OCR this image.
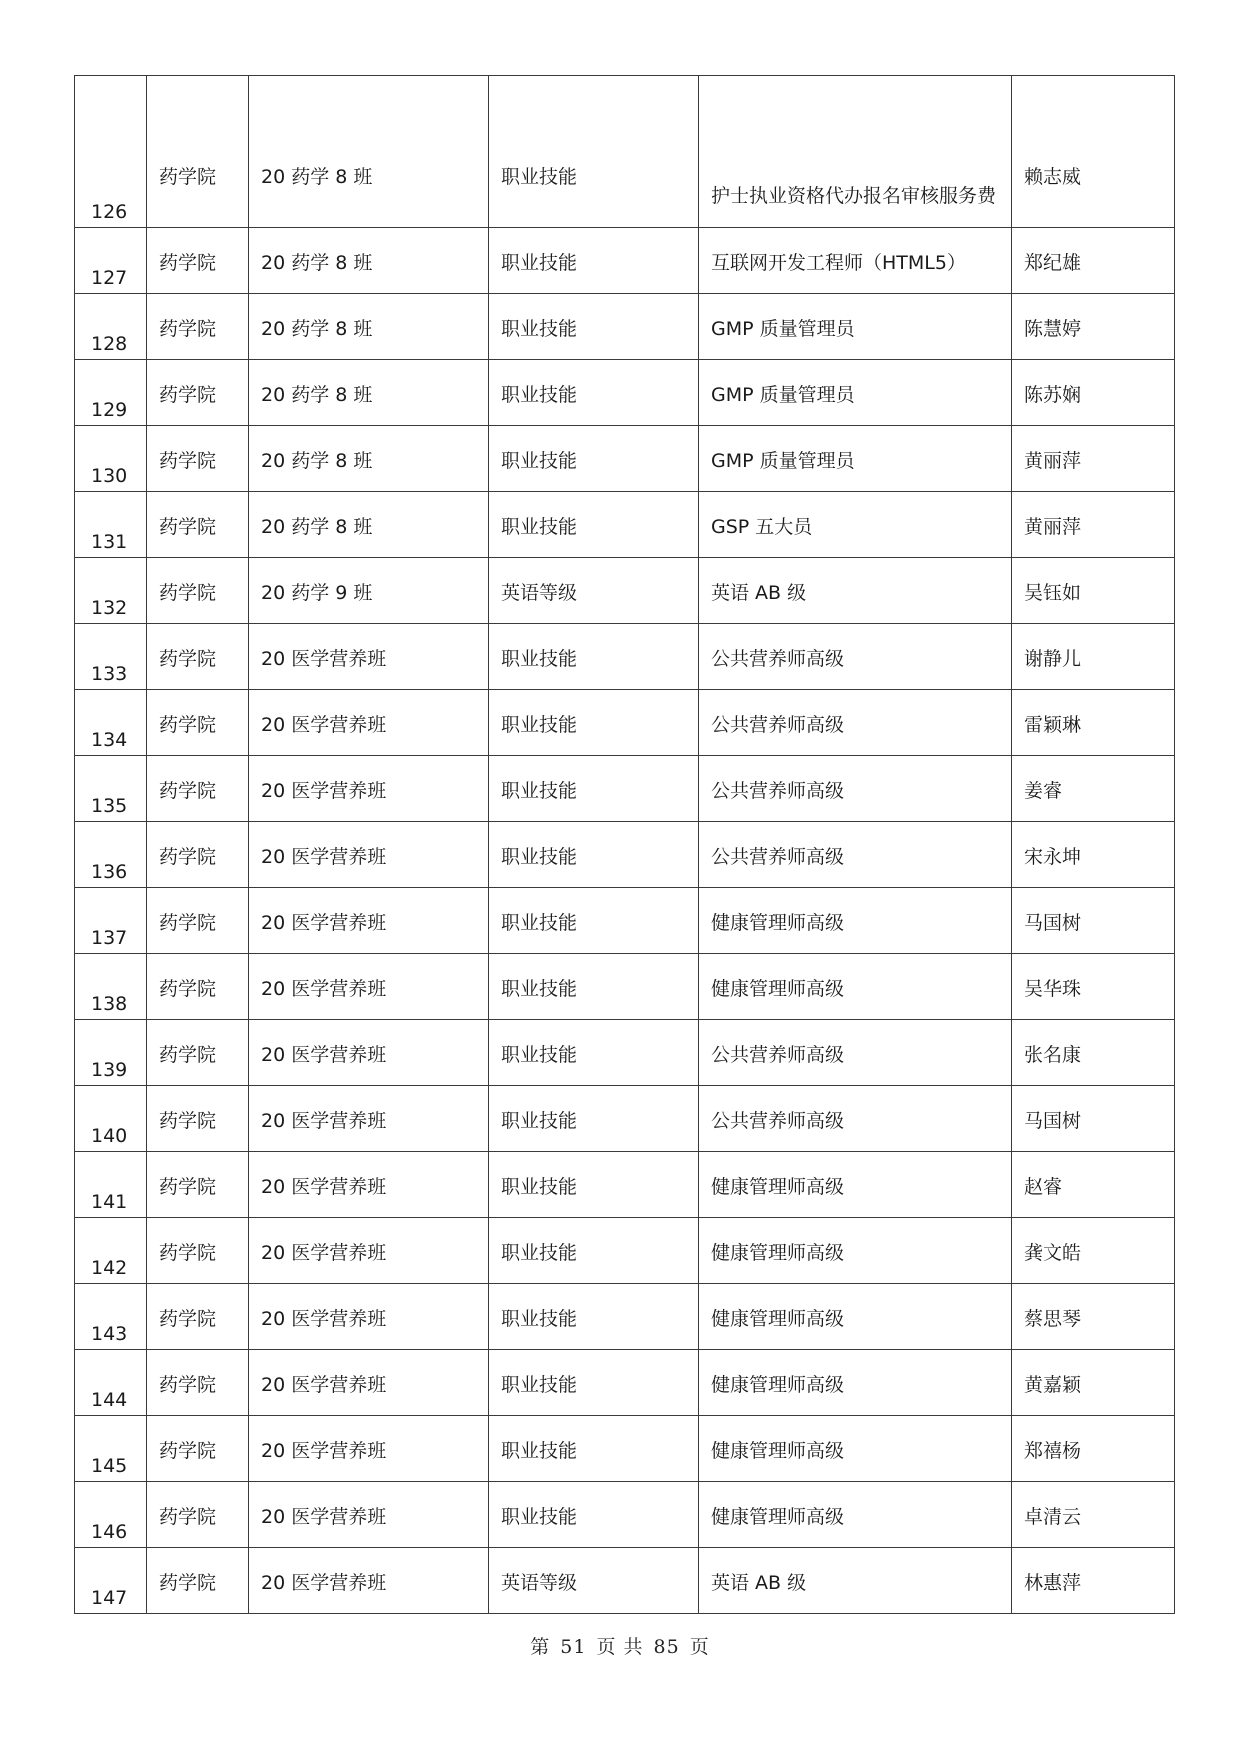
126	药学院	20 药学 8 班	职业技能	护士执业资格代办报名审核服务费	赖志威
127	药学院	20 药学 8 班	职业技能	互联网开发工程师（HTML5）	郑纪雄
128	药学院	20 药学 8 班	职业技能	GMP 质量管理员	陈慧婷
129	药学院	20 药学 8 班	职业技能	GMP 质量管理员	陈苏娴
130	药学院	20 药学 8 班	职业技能	GMP 质量管理员	黄丽萍
131	药学院	20 药学 8 班	职业技能	GSP 五大员	黄丽萍
132	药学院	20 药学 9 班	英语等级	英语 AB 级	吴钰如
133	药学院	20 医学营养班	职业技能	公共营养师高级	谢静儿
134	药学院	20 医学营养班	职业技能	公共营养师高级	雷颖琳
135	药学院	20 医学营养班	职业技能	公共营养师高级	姜睿
136	药学院	20 医学营养班	职业技能	公共营养师高级	宋永坤
137	药学院	20 医学营养班	职业技能	健康管理师高级	马国树
138	药学院	20 医学营养班	职业技能	健康管理师高级	吴华珠
139	药学院	20 医学营养班	职业技能	公共营养师高级	张名康
140	药学院	20 医学营养班	职业技能	公共营养师高级	马国树
141	药学院	20 医学营养班	职业技能	健康管理师高级	赵睿
142	药学院	20 医学营养班	职业技能	健康管理师高级	龚文皓
143	药学院	20 医学营养班	职业技能	健康管理师高级	蔡思琴
144	药学院	20 医学营养班	职业技能	健康管理师高级	黄嘉颖
145	药学院	20 医学营养班	职业技能	健康管理师高级	郑禧杨
146	药学院	20 医学营养班	职业技能	健康管理师高级	卓清云
147	药学院	20 医学营养班	英语等级	英语 AB 级	林惠萍
第 51 页 共 85 页
